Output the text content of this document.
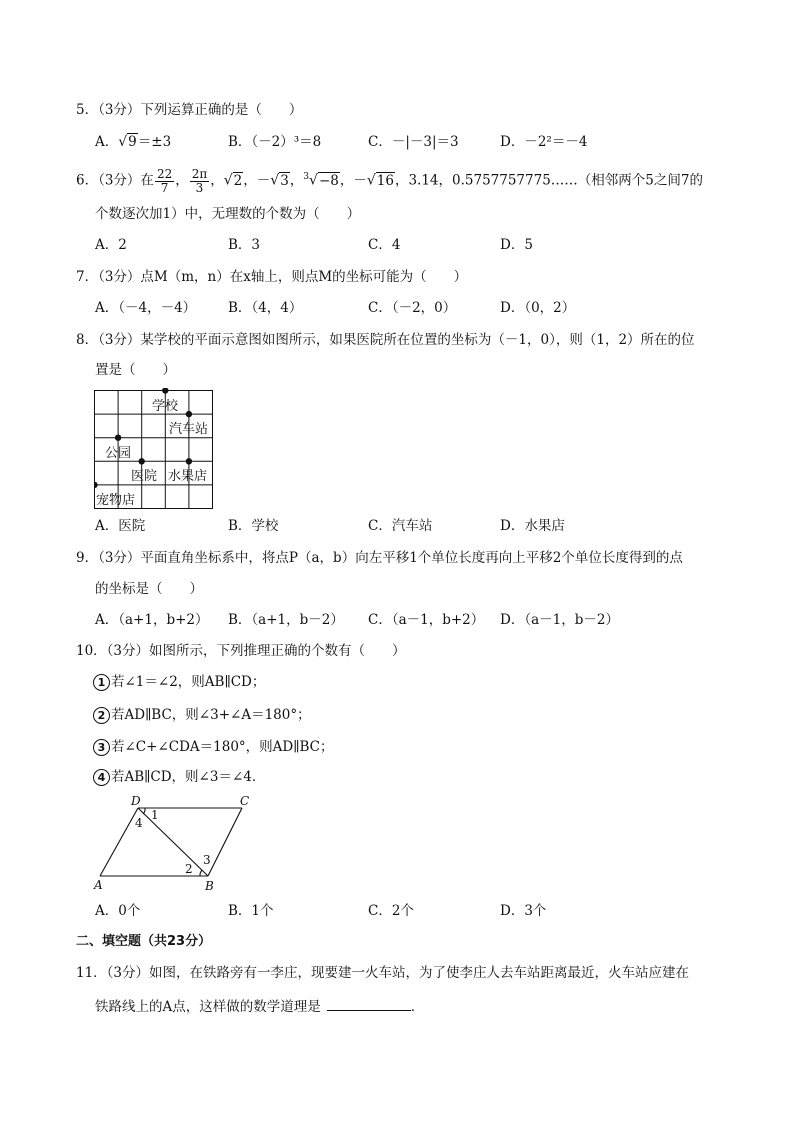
5．（3分）下列运算正确的是（　　）
A．√9＝±3	B．（－2）³＝8	C．－|－3|＝3	D．－2²＝－4
6．（3分）在 $\frac{22}{7}$ ， $\frac{2\pi}{3}$ ，√2，－√3，$^3$√−8，－√16，3.14，0.5757757775……（相邻两个5之间7的
个数逐次加1）中，无理数的个数为（　　）
A．2	B．3	C．4	D．5
7．（3分）点M（m，n）在x轴上，则点M的坐标可能为（　　）
A．（－4，－4） B．（4，4）	C．（－2，0）	D．（0，2）
8．（3分）某学校的平面示意图如图所示，如果医院所在位置的坐标为（－1，0），则（1，2）所在的位
置是（　　）
学校
汽车站
公园
医院 水果店
宠物店
A．医院	B．学校	C．汽车站	D．水果店
9．（3分）平面直角坐标系中，将点P（a，b）向左平移1个单位长度再向上平移2个单位长度得到的点
的坐标是（　　）
A．（a+1，b+2） B．（a+1，b－2） C．（a－1，b+2） D．（a－1，b－2）
10．（3分）如图所示，下列推理正确的个数有（　　）
1 若∠1＝∠2，则AB∥CD；
2 若AD∥BC，则∠3+∠A＝180°；
3 若∠C+∠CDA＝180°，则AD∥BC；
4 若AB∥CD，则∠3＝∠4．
D	C
A	B
1
4
2
3
A．0个	B．1个	C．2个	D．3个
二、填空题（共23分）
11．（3分）如图，在铁路旁有一李庄，现要建一火车站，为了使李庄人去车站距离最近，火车站应建在
铁路线上的A点，这样做的数学道理是	．
